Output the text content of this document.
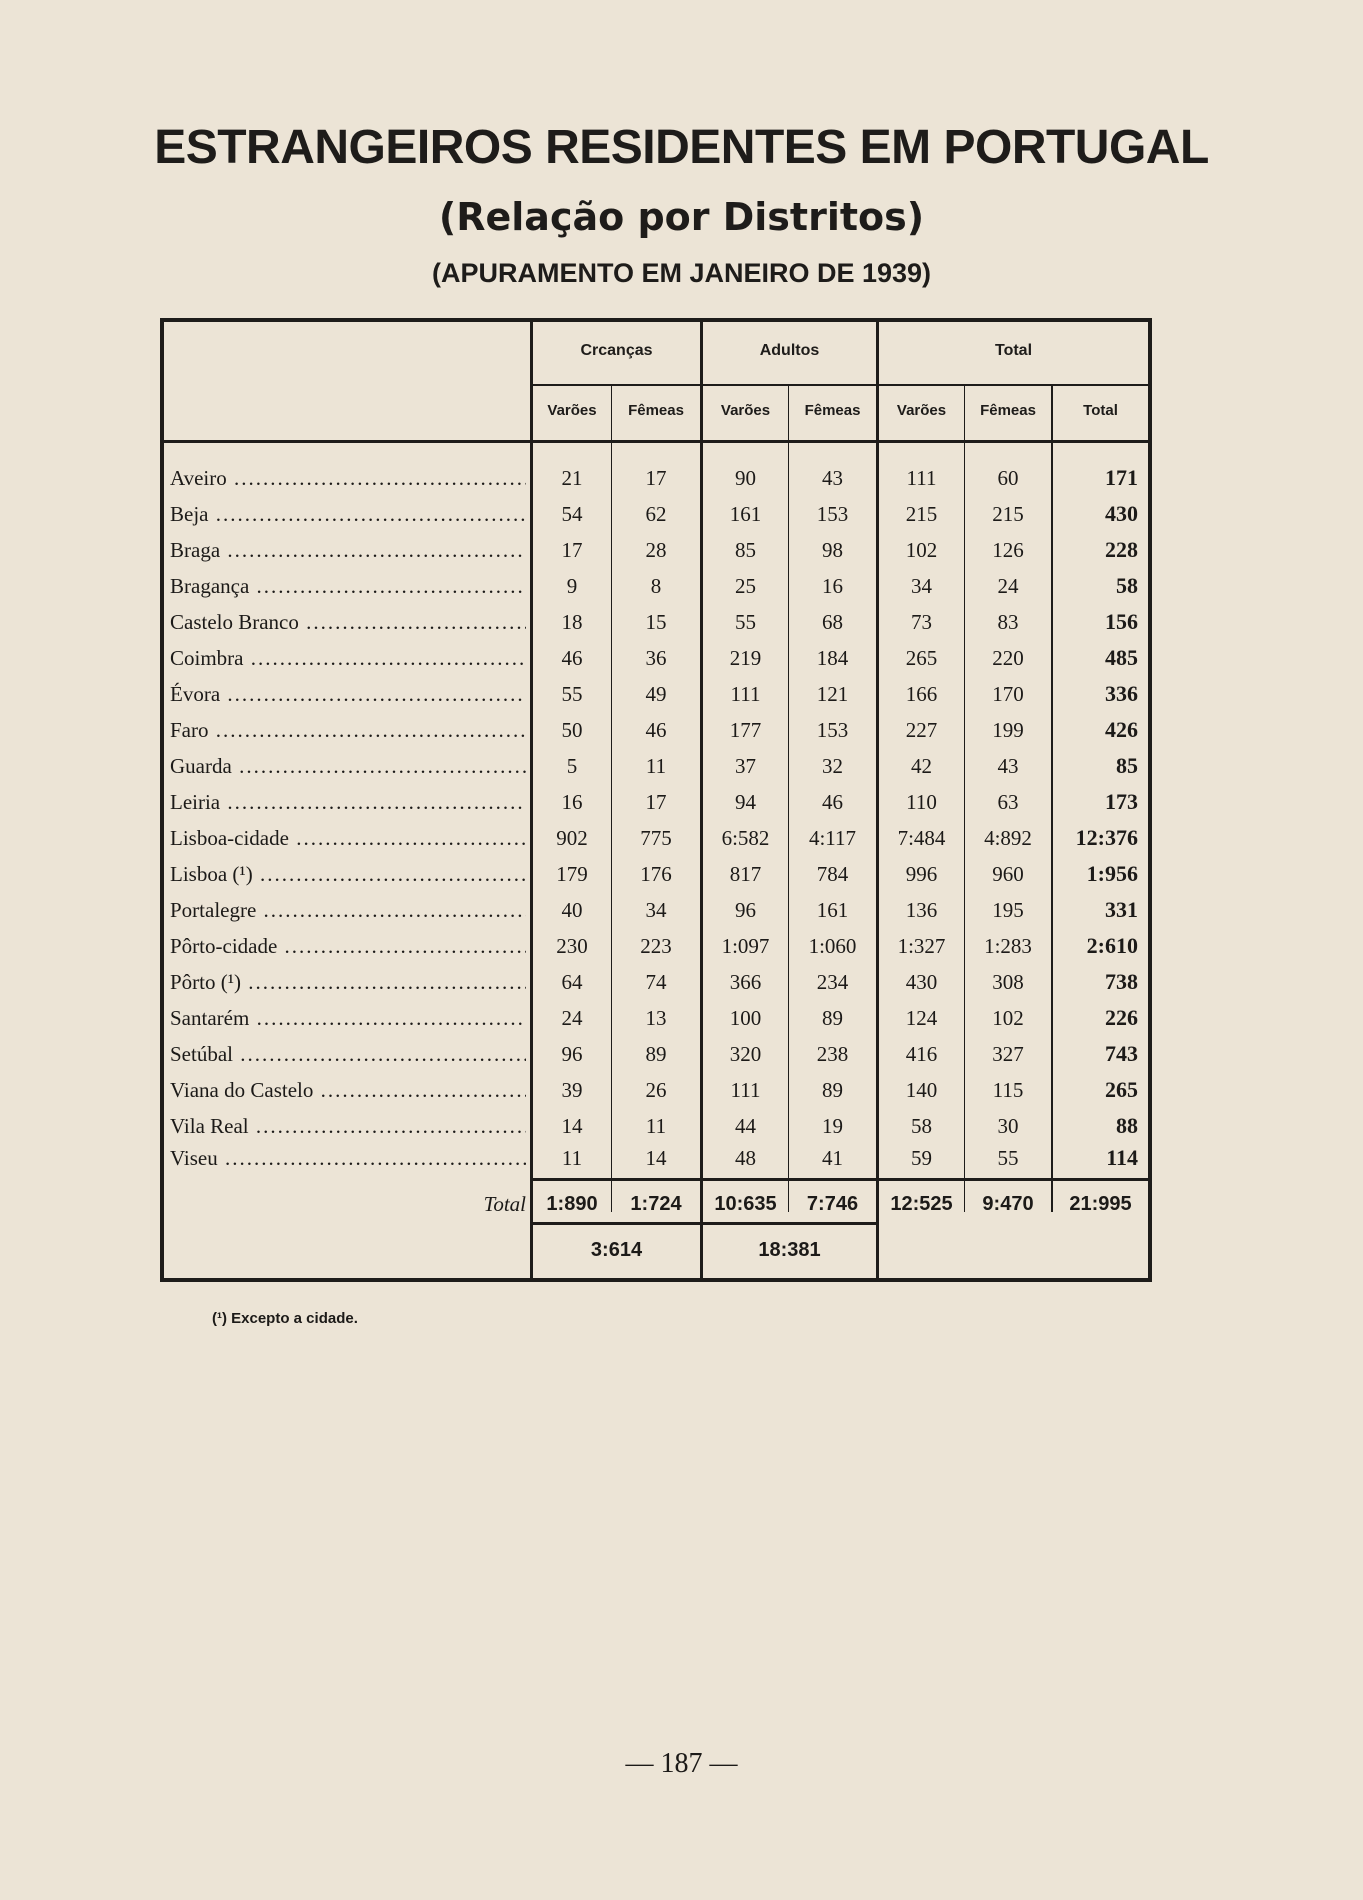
ESTRANGEIROS RESIDENTES EM PORTUGAL
(Relação por Distritos)
(APURAMENTO EM JANEIRO DE 1939)
Crcanças	Adultos	Total
Varões	Fêmeas	Varões	Fêmeas	Varões	Fêmeas	Total
Aveiro .....	21	17	90	43	111	60	171
Beja .....	54	62	161	153	215	215	430
Braga .....	17	28	85	98	102	126	228
Bragança .....	9	8	25	16	34	24	58
Castelo Branco .....	18	15	55	68	73	83	156
Coimbra .....	46	36	219	184	265	220	485
Évora .....	55	49	111	121	166	170	336
Faro .....	50	46	177	153	227	199	426
Guarda .....	5	11	37	32	42	43	85
Leiria .....	16	17	94	46	110	63	173
Lisboa-cidade .....	902	775	6:582	4:117	7:484	4:892	12:376
Lisboa (¹) .....	179	176	817	784	996	960	1:956
Portalegre .....	40	34	96	161	136	195	331
Pôrto-cidade .....	230	223	1:097	1:060	1:327	1:283	2:610
Pôrto (¹) .....	64	74	366	234	430	308	738
Santarém .....	24	13	100	89	124	102	226
Setúbal .....	96	89	320	238	416	327	743
Viana do Castelo .....	39	26	111	89	140	115	265
Vila Real .....	14	11	44	19	58	30	88
Viseu .....	11	14	48	41	59	55	114
Total	1:890	1:724	10:635	7:746	12:525	9:470	21:995
3:614	18:381
(¹) Excepto a cidade.
— 187 —
